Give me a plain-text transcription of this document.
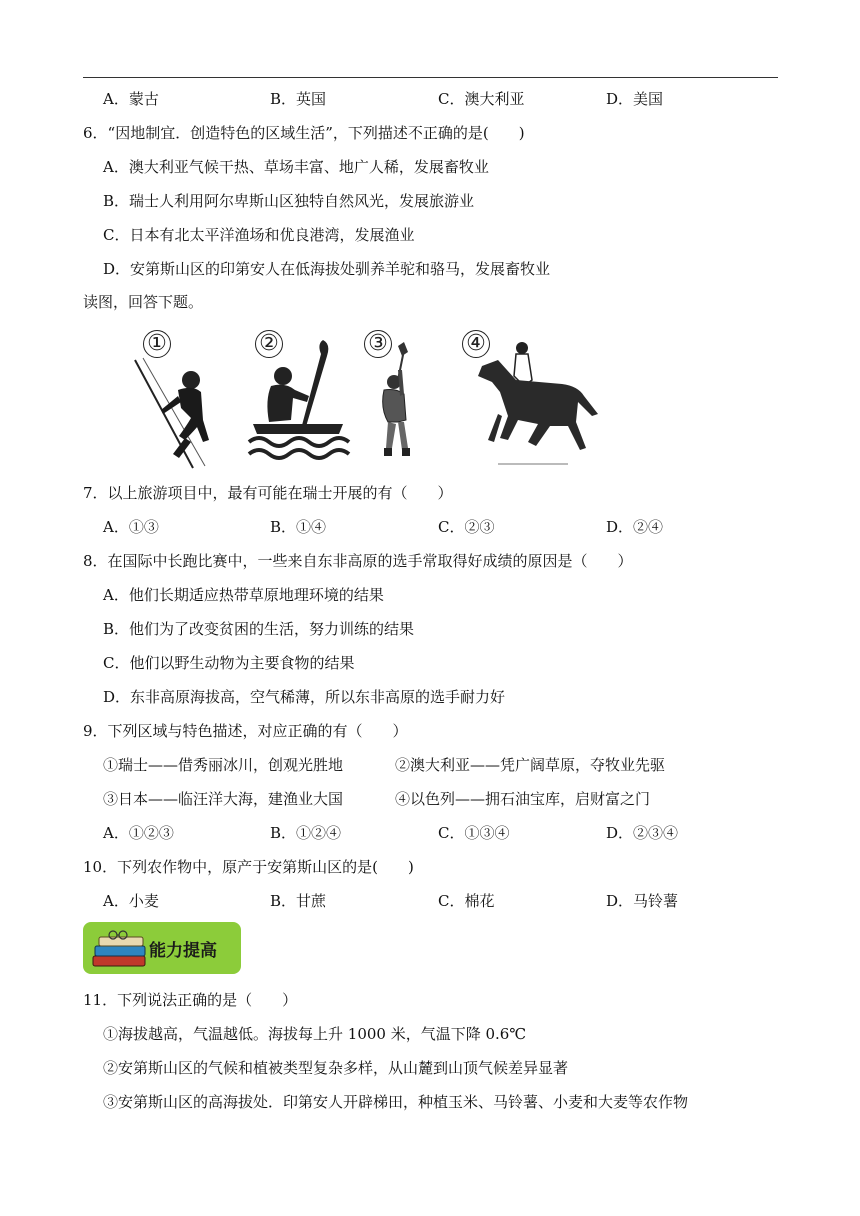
A．蒙古	B．英国	C．澳大利亚	D．美国
6．“因地制宜．创造特色的区域生活”，下列描述不正确的是(　　)
A．澳大利亚气候干热、草场丰富、地广人稀，发展畜牧业
B．瑞士人利用阿尔卑斯山区独特自然风光，发展旅游业
C．日本有北太平洋渔场和优良港湾，发展渔业
D．安第斯山区的印第安人在低海拔处驯养羊驼和骆马，发展畜牧业
读图，回答下题。
①	②	③	④
7．以上旅游项目中，最有可能在瑞士开展的有（　　）
A．①③	B．①④	C．②③	D．②④
8．在国际中长跑比赛中，一些来自东非高原的选手常取得好成绩的原因是（　　）
A．他们长期适应热带草原地理环境的结果
B．他们为了改变贫困的生活，努力训练的结果
C．他们以野生动物为主要食物的结果
D．东非高原海拔高，空气稀薄，所以东非高原的选手耐力好
9．下列区域与特色描述，对应正确的有（　　）
①瑞士——借秀丽冰川，创观光胜地	②澳大利亚——凭广阔草原，夺牧业先驱
③日本——临汪洋大海，建渔业大国	④以色列——拥石油宝库，启财富之门
A．①②③	B．①②④	C．①③④	D．②③④
10．下列农作物中，原产于安第斯山区的是(　　)
A．小麦	B．甘蔗	C．棉花	D．马铃薯
能力提高
11．下列说法正确的是（　　）
①海拔越高，气温越低。海拔每上升 1000 米，气温下降 0.6℃
②安第斯山区的气候和植被类型复杂多样，从山麓到山顶气候差异显著
③安第斯山区的高海拔处．印第安人开辟梯田，种植玉米、马铃薯、小麦和大麦等农作物
